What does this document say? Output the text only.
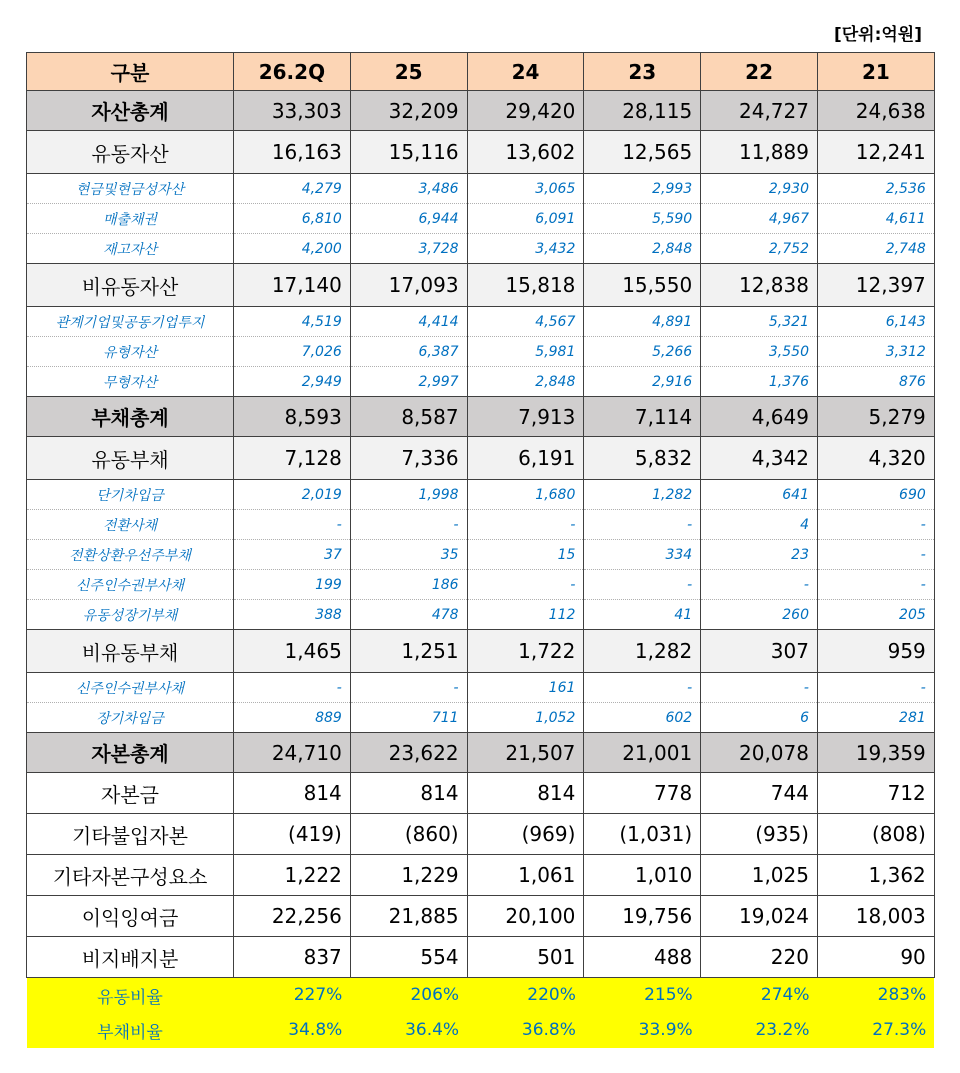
[단위:억원]
구분	26.2Q	25	24	23	22	21
자산총계	33,303	32,209	29,420	28,115	24,727	24,638
유동자산	16,163	15,116	13,602	12,565	11,889	12,241
현금및현금성자산	4,279	3,486	3,065	2,993	2,930	2,536
매출채권	6,810	6,944	6,091	5,590	4,967	4,611
재고자산	4,200	3,728	3,432	2,848	2,752	2,748
비유동자산	17,140	17,093	15,818	15,550	12,838	12,397
관계기업및공동기업투지	4,519	4,414	4,567	4,891	5,321	6,143
유형자산	7,026	6,387	5,981	5,266	3,550	3,312
무형자산	2,949	2,997	2,848	2,916	1,376	876
부채총계	8,593	8,587	7,913	7,114	4,649	5,279
유동부채	7,128	7,336	6,191	5,832	4,342	4,320
단기차입금	2,019	1,998	1,680	1,282	641	690
전환사채	-	-	-	-	4	-
전환상환우선주부채	37	35	15	334	23	-
신주인수권부사채	199	186	-	-	-	-
유동성장기부채	388	478	112	41	260	205
비유동부채	1,465	1,251	1,722	1,282	307	959
신주인수권부사채	-	-	161	-	-	-
장기차입금	889	711	1,052	602	6	281
자본총계	24,710	23,622	21,507	21,001	20,078	19,359
자본금	814	814	814	778	744	712
기타불입자본	(419)	(860)	(969)	(1,031)	(935)	(808)
기타자본구성요소	1,222	1,229	1,061	1,010	1,025	1,362
이익잉여금	22,256	21,885	20,100	19,756	19,024	18,003
비지배지분	837	554	501	488	220	90
유동비율	227%	206%	220%	215%	274%	283%
부채비율	34.8%	36.4%	36.8%	33.9%	23.2%	27.3%
